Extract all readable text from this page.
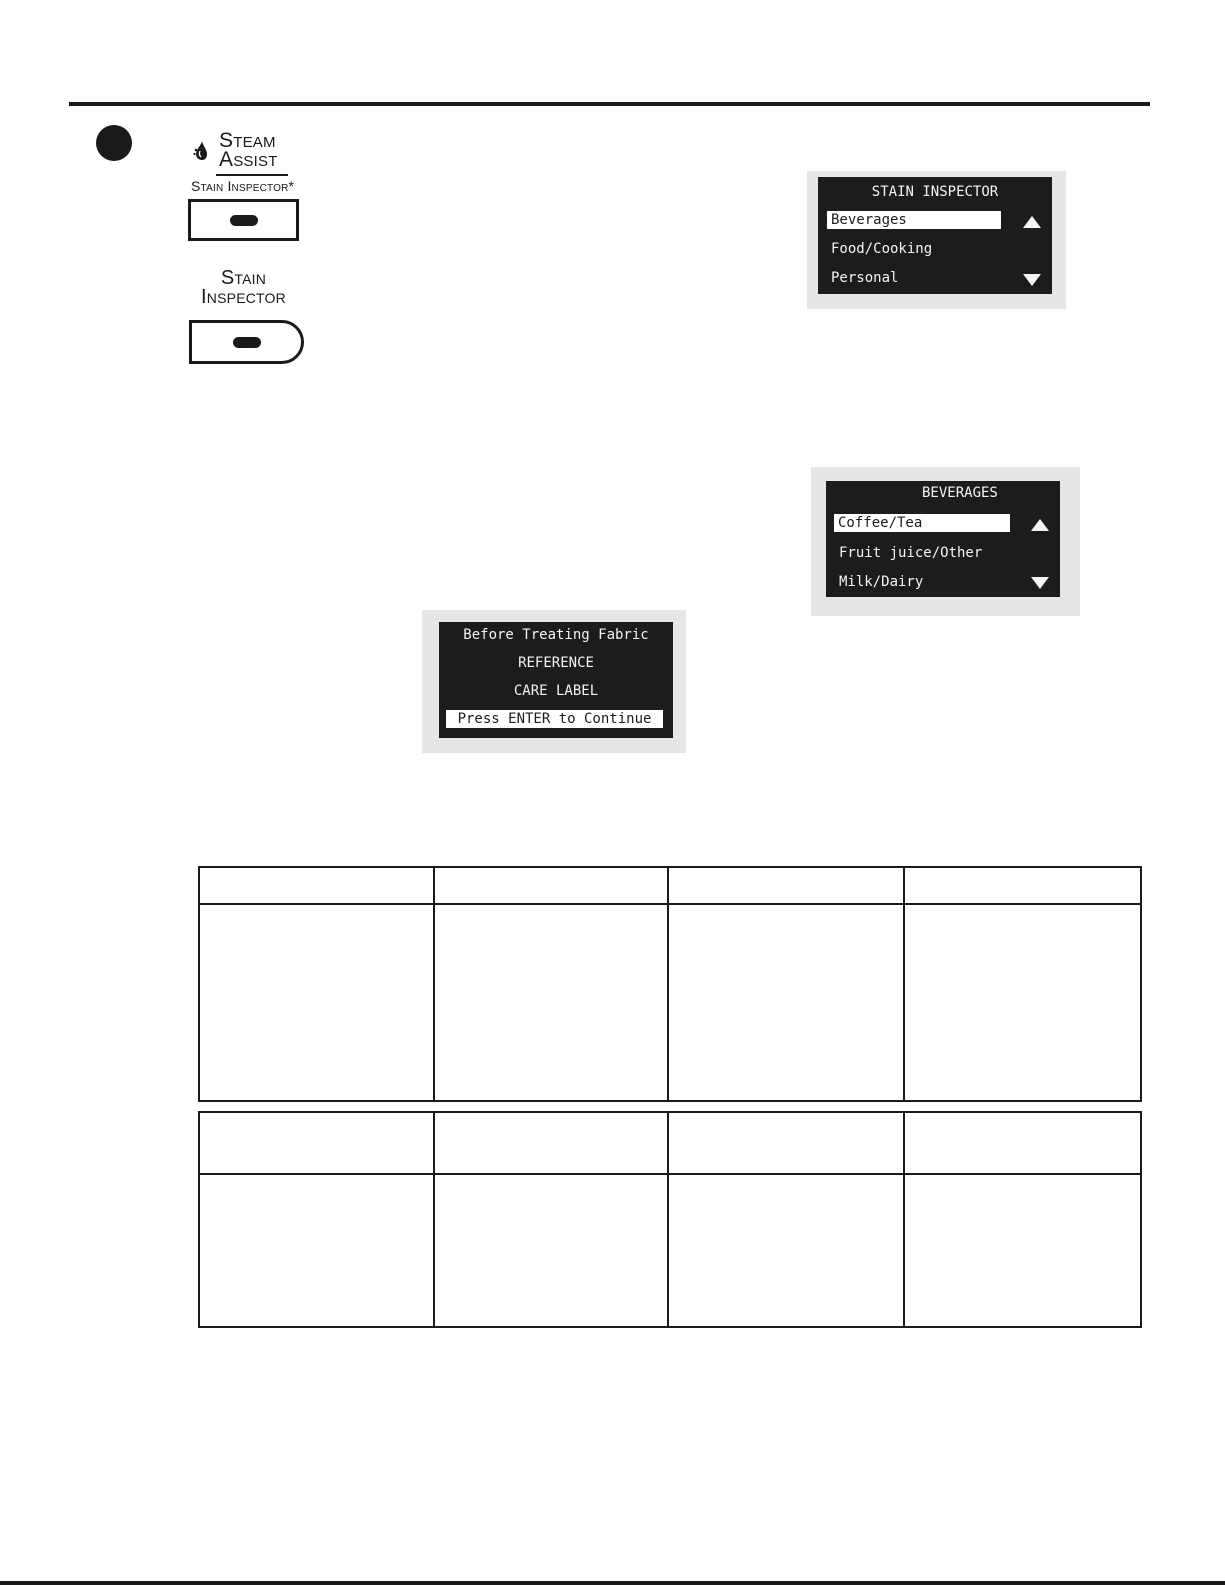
Steam
Assist
Stain Inspector*
Stain
Inspector
STAIN INSPECTOR
Beverages
Food/Cooking
Personal
BEVERAGES
Coffee/Tea
Fruit juice/Other
Milk/Dairy
Before Treating Fabric
REFERENCE
CARE LABEL
Press ENTER to Continue
